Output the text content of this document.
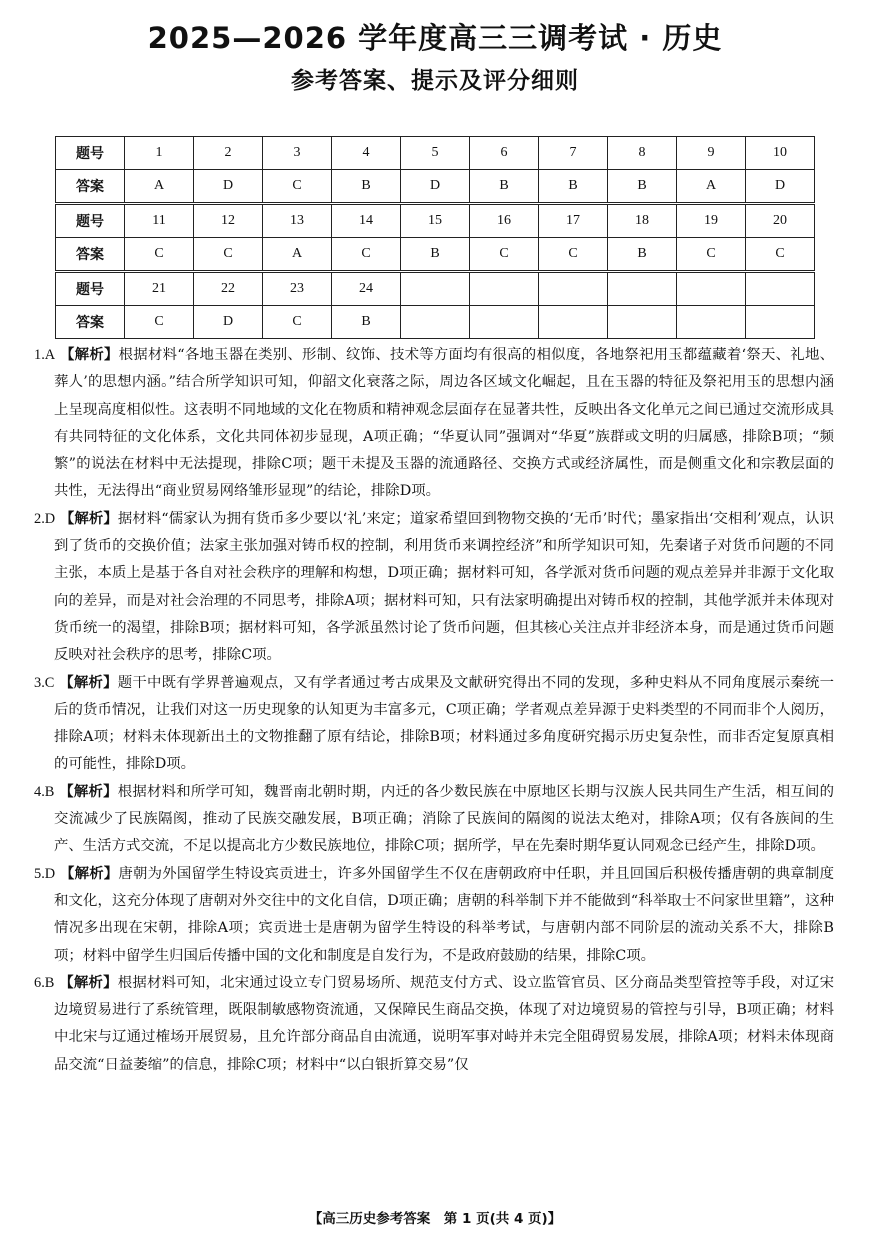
2025—2026 学年度高三三调考试 · 历史
参考答案、提示及评分细则
题号	1	2	3	4	5	6	7	8	9	10
答案	A	D	C	B	D	B	B	B	A	D
题号	11	12	13	14	15	16	17	18	19	20
答案	C	C	A	C	B	C	C	B	C	C
题号	21	22	23	24						
答案	C	D	C	B						

1.A 【解析】根据材料“各地玉器在类别、形制、纹饰、技术等方面均有很高的相似度，各地祭祀用玉都蕴藏着‘祭天、礼地、葬人’的思想内涵。”结合所学知识可知，仰韶文化衰落之际，周边各区域文化崛起，且在玉器的特征及祭祀用玉的思想内涵上呈现高度相似性。这表明不同地域的文化在物质和精神观念层面存在显著共性，反映出各文化单元之间已通过交流形成具有共同特征的文化体系，文化共同体初步显现，A项正确；“华夏认同”强调对“华夏”族群或文明的归属感，排除B项；“频繁”的说法在材料中无法提现，排除C项；题干未提及玉器的流通路径、交换方式或经济属性，而是侧重文化和宗教层面的共性，无法得出“商业贸易网络雏形显现”的结论，排除D项。

2.D 【解析】据材料“儒家认为拥有货币多少要以‘礼’来定；道家希望回到物物交换的‘无币’时代；墨家指出‘交相利’观点，认识到了货币的交换价值；法家主张加强对铸币权的控制，利用货币来调控经济”和所学知识可知，先秦诸子对货币问题的不同主张，本质上是基于各自对社会秩序的理解和构想，D项正确；据材料可知，各学派对货币问题的观点差异并非源于文化取向的差异，而是对社会治理的不同思考，排除A项；据材料可知，只有法家明确提出对铸币权的控制，其他学派并未体现对货币统一的渴望，排除B项；据材料可知，各学派虽然讨论了货币问题，但其核心关注点并非经济本身，而是通过货币问题反映对社会秩序的思考，排除C项。

3.C 【解析】题干中既有学界普遍观点，又有学者通过考古成果及文献研究得出不同的发现，多种史料从不同角度展示秦统一后的货币情况，让我们对这一历史现象的认知更为丰富多元，C项正确；学者观点差异源于史料类型的不同而非个人阅历，排除A项；材料未体现新出土的文物推翻了原有结论，排除B项；材料通过多角度研究揭示历史复杂性，而非否定复原真相的可能性，排除D项。

4.B 【解析】根据材料和所学可知，魏晋南北朝时期，内迁的各少数民族在中原地区长期与汉族人民共同生产生活，相互间的交流减少了民族隔阂，推动了民族交融发展，B项正确；消除了民族间的隔阂的说法太绝对，排除A项；仅有各族间的生产、生活方式交流，不足以提高北方少数民族地位，排除C项；据所学，早在先秦时期华夏认同观念已经产生，排除D项。

5.D 【解析】唐朝为外国留学生特设宾贡进士，许多外国留学生不仅在唐朝政府中任职，并且回国后积极传播唐朝的典章制度和文化，这充分体现了唐朝对外交往中的文化自信，D项正确；唐朝的科举制下并不能做到“科举取士不问家世里籍”，这种情况多出现在宋朝，排除A项；宾贡进士是唐朝为留学生特设的科举考试，与唐朝内部不同阶层的流动关系不大，排除B项；材料中留学生归国后传播中国的文化和制度是自发行为，不是政府鼓励的结果，排除C项。

6.B 【解析】根据材料可知，北宋通过设立专门贸易场所、规范支付方式、设立监管官员、区分商品类型管控等手段，对辽宋边境贸易进行了系统管理，既限制敏感物资流通，又保障民生商品交换，体现了对边境贸易的管控与引导，B项正确；材料中北宋与辽通过榷场开展贸易，且允许部分商品自由流通，说明军事对峙并未完全阻碍贸易发展，排除A项；材料未体现商品交流“日益萎缩”的信息，排除C项；材料中“以白银折算交易”仅

【高三历史参考答案　第 1 页(共 4 页)】
